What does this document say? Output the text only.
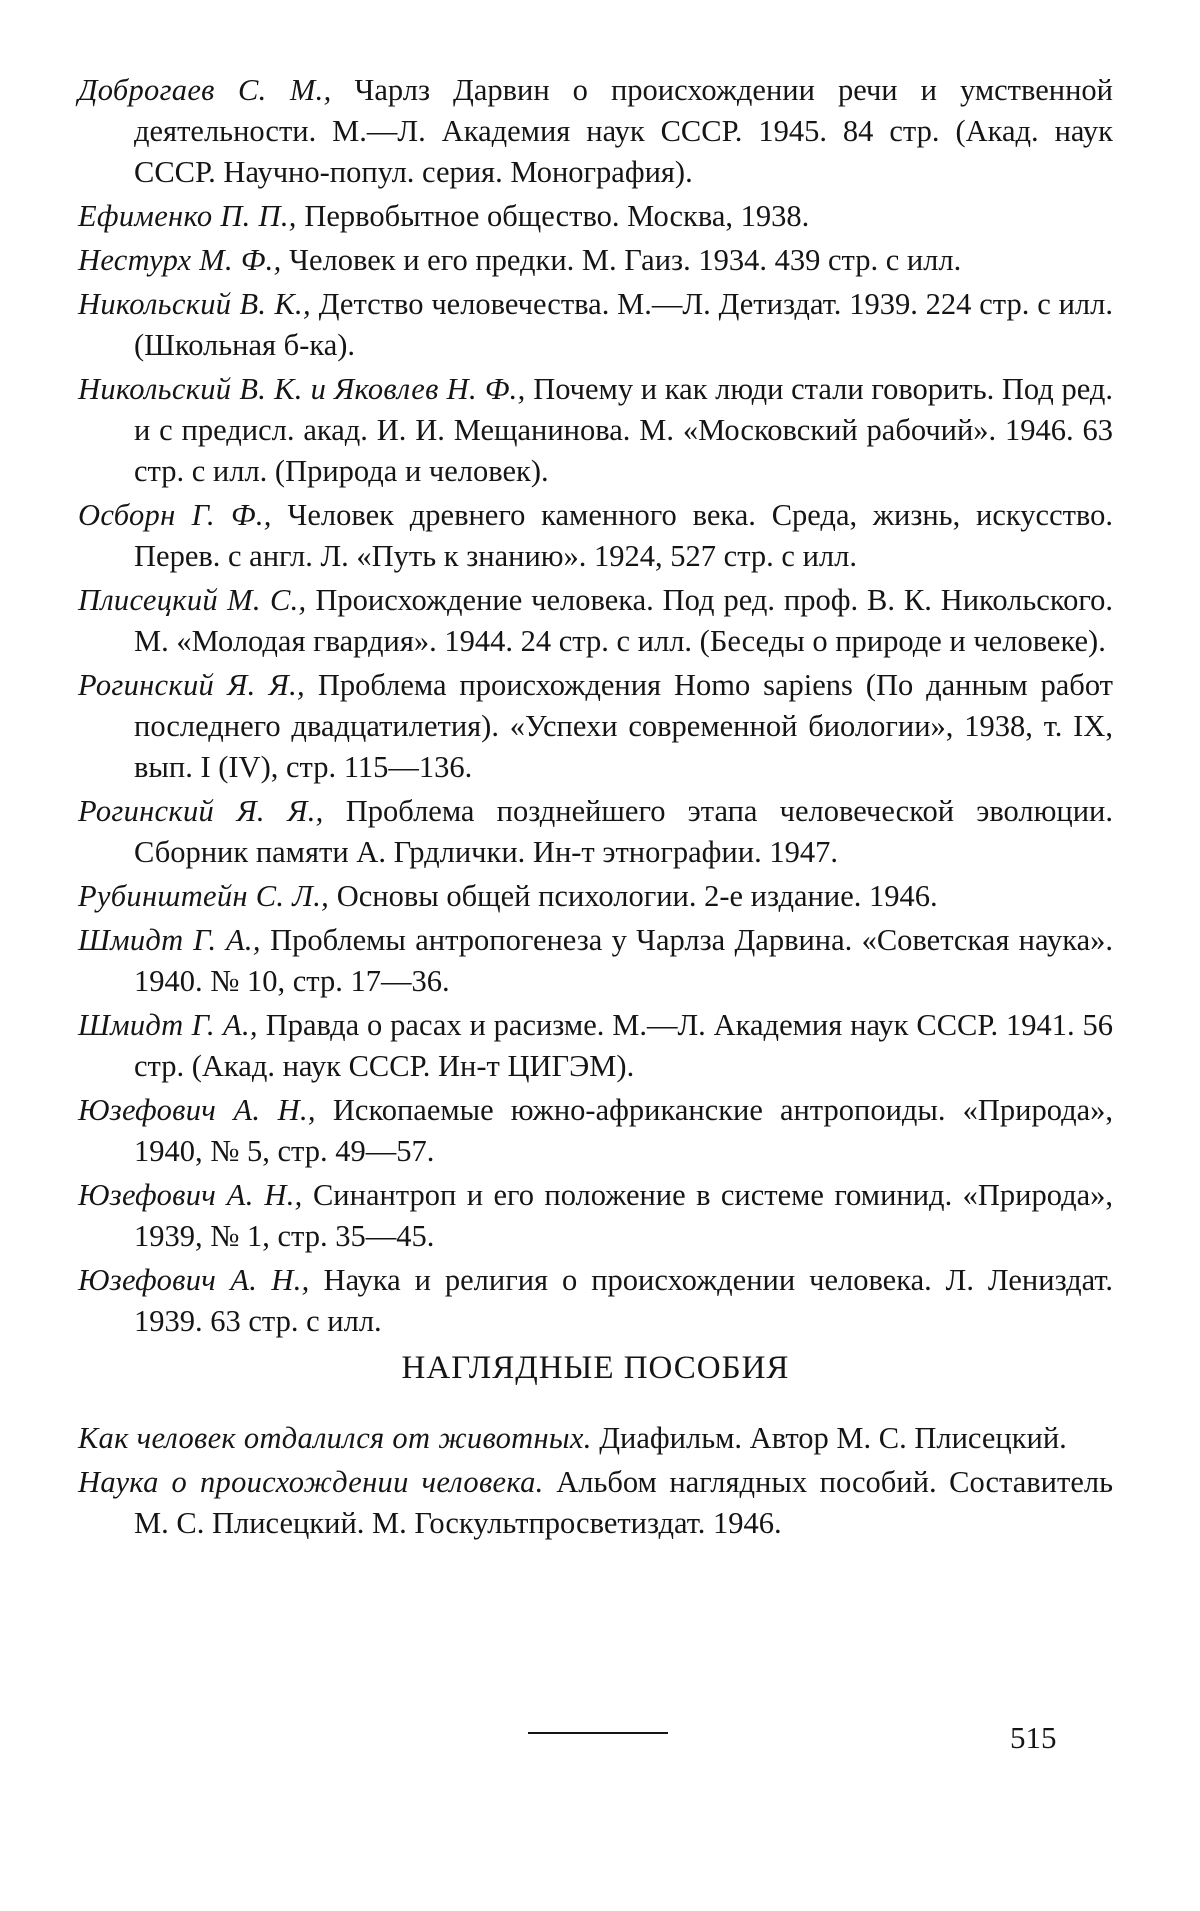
Доброгаев С. М., Чарлз Дарвин о происхождении речи и умственной деятельности. М.—Л. Академия наук СССР. 1945. 84 стр. (Акад. наук СССР. Научно-попул. серия. Монография).

Ефименко П. П., Первобытное общество. Москва, 1938.

Нестурх М. Ф., Человек и его предки. М. Гаиз. 1934. 439 стр. с илл.

Никольский В. К., Детство человечества. М.—Л. Детиздат. 1939. 224 стр. с илл. (Школьная б-ка).

Никольский В. К. и Яковлев Н. Ф., Почему и как люди стали говорить. Под ред. и с предисл. акад. И. И. Мещанинова. М. «Московский рабочий». 1946. 63 стр. с илл. (Природа и человек).

Осборн Г. Ф., Человек древнего каменного века. Среда, жизнь, искусство. Перев. с англ. Л. «Путь к знанию». 1924, 527 стр. с илл.

Плисецкий М. С., Происхождение человека. Под ред. проф. В. К. Никольского. М. «Молодая гвардия». 1944. 24 стр. с илл. (Беседы о природе и человеке).

Рогинский Я. Я., Проблема происхождения Homo sapiens (По данным работ последнего двадцатилетия). «Успехи современной биологии», 1938, т. IX, вып. I (IV), стр. 115—136.

Рогинский Я. Я., Проблема позднейшего этапа человеческой эволюции. Сборник памяти А. Грдлички. Ин-т этнографии. 1947.

Рубинштейн С. Л., Основы общей психологии. 2-е издание. 1946.

Шмидт Г. А., Проблемы антропогенеза у Чарлза Дарвина. «Советская наука». 1940. № 10, стр. 17—36.

Шмидт Г. А., Правда о расах и расизме. М.—Л. Академия наук СССР. 1941. 56 стр. (Акад. наук СССР. Ин-т ЦИГЭМ).

Юзефович А. Н., Ископаемые южно-африканские антропоиды. «Природа», 1940, № 5, стр. 49—57.

Юзефович А. Н., Синантроп и его положение в системе гоминид. «Природа», 1939, № 1, стр. 35—45.

Юзефович А. Н., Наука и религия о происхождении человека. Л. Лениздат. 1939. 63 стр. с илл.

НАГЛЯДНЫЕ ПОСОБИЯ

Как человек отдалился от животных. Диафильм. Автор М. С. Плисецкий.

Наука о происхождении человека. Альбом наглядных пособий. Составитель М. С. Плисецкий. М. Госкультпросветиздат. 1946.

515
